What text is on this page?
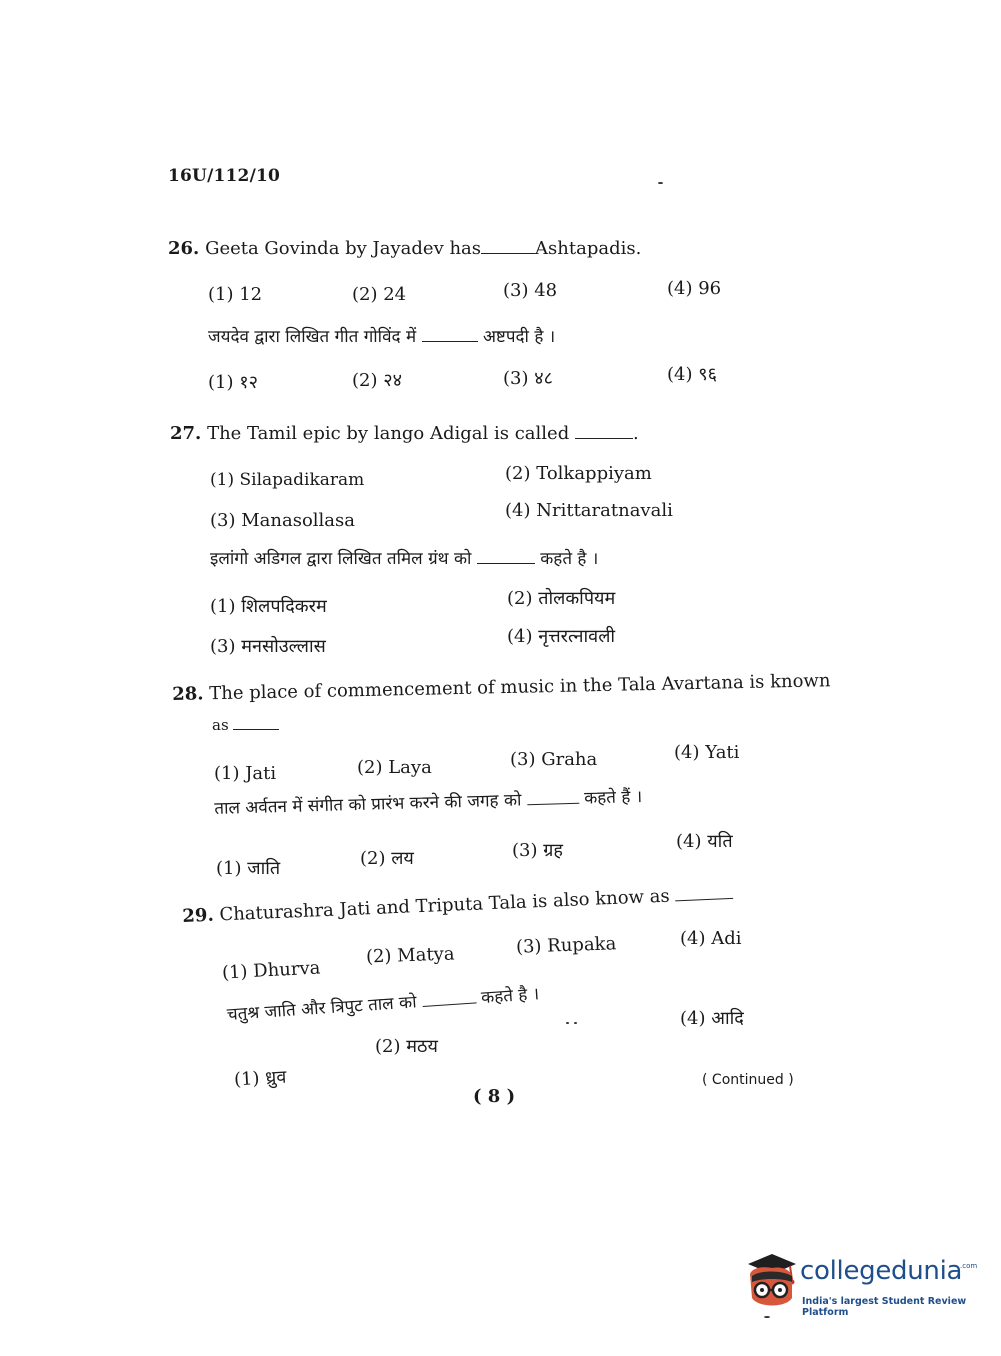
16U/112/10
26. Geeta Govinda by Jayadev has	Ashtapadis.
(1) 12	(2) 24	(3) 48	(4) 96
जयदेव द्वारा लिखित गीत गोविंद में	अष्टपदी है ।
(1) १२	(2) २४	(3) ४८	(4) ९६
27. The Tamil epic by lango Adigal is called	.
(1) Silapadikaram	(2) Tolkappiyam
(3) Manasollasa	(4) Nrittaratnavali
इलांगो अडिगल द्वारा लिखित तमिल ग्रंथ को	कहते है ।
(1) शिलपदिकरम	(2) तोलकपियम
(3) मनसोउल्लास	(4) नृत्तरत्नावली
28. The place of commencement of music in the Tala Avartana is known
as
(1) Jati	(2) Laya	(3) Graha	(4) Yati
ताल अर्वतन में संगीत को प्रारंभ करने की जगह को	कहते हैं ।
(1) जाति	(2) लय	(3) ग्रह	(4) यति
29. Chaturashra Jati and Triputa Tala is also know as
(1) Dhurva
(2) Matya	(3) Rupaka	(4) Adi
चतुश्र जाति और त्रिपुट ताल को	कहते है ।
(1) ध्रुव
(2) मठय
(4) आदि
( 8 )
( Continued )
collegedunia
.com
India's largest Student Review Platform
